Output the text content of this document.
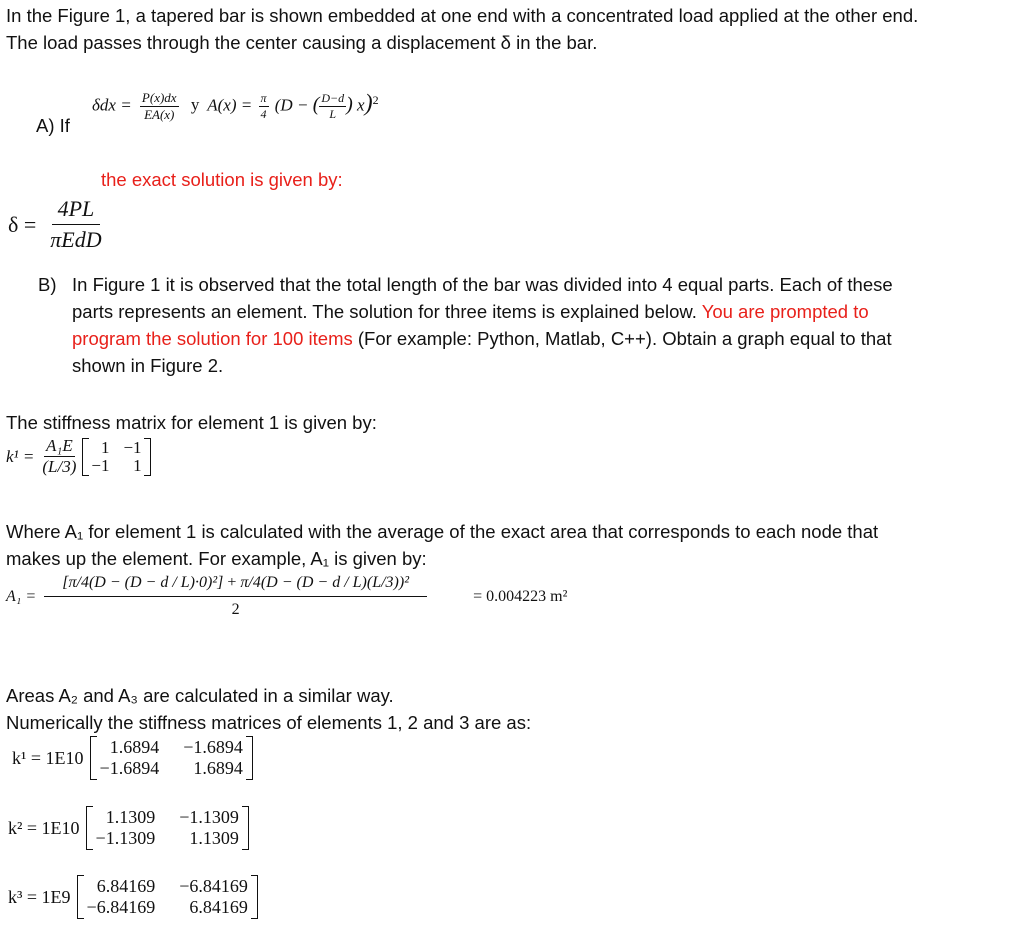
In the Figure 1, a tapered bar is shown embedded at one end with a concentrated load applied at the other end.
The load passes through the center causing a displacement δ in the bar.
A) If
$\delta dx = \frac{P(x)dx}{EA(x)}$ y $A(x) = \frac{\pi}{4} (D$ − ( $\frac{D-d}{L}$ ) x)$^2$
the exact solution is given by:
$\delta = \frac{4PL}{\text{πEdD}}$
B) In Figure 1 it is observed that the total length of the bar was divided into 4 equal parts. Each of these
parts represents an element. The solution for three items is explained below. You are prompted to
program the solution for 100 items (For example: Python, Matlab, C++). Obtain a graph equal to that
shown in Figure 2.
The stiffness matrix for element 1 is given by:
$k^1 = \frac{\text{A₁E}}{(L/3)}$	1 −1
−1	1
Where A₁ for element 1 is calculated with the average of the exact area that corresponds to each node that
makes up the element. For example, A₁ is given by:
A₁ =
[π/4(D − (D − d / L)·0)²] + π/4(D − (D − d / L)(L/3))²
2
= 0.004223 m²
Areas A₂ and A₃ are calculated in a similar way.
Numerically the stiffness matrices of elements 1, 2 and 3 are as:
k¹ = 1E10
1.6894 −1.6894
−1.6894	1.6894
k² = 1E10
1.1309 −1.1309
−1.1309	1.1309
k³ = 1E9
6.84169 −6.84169
−6.84169	6.84169
